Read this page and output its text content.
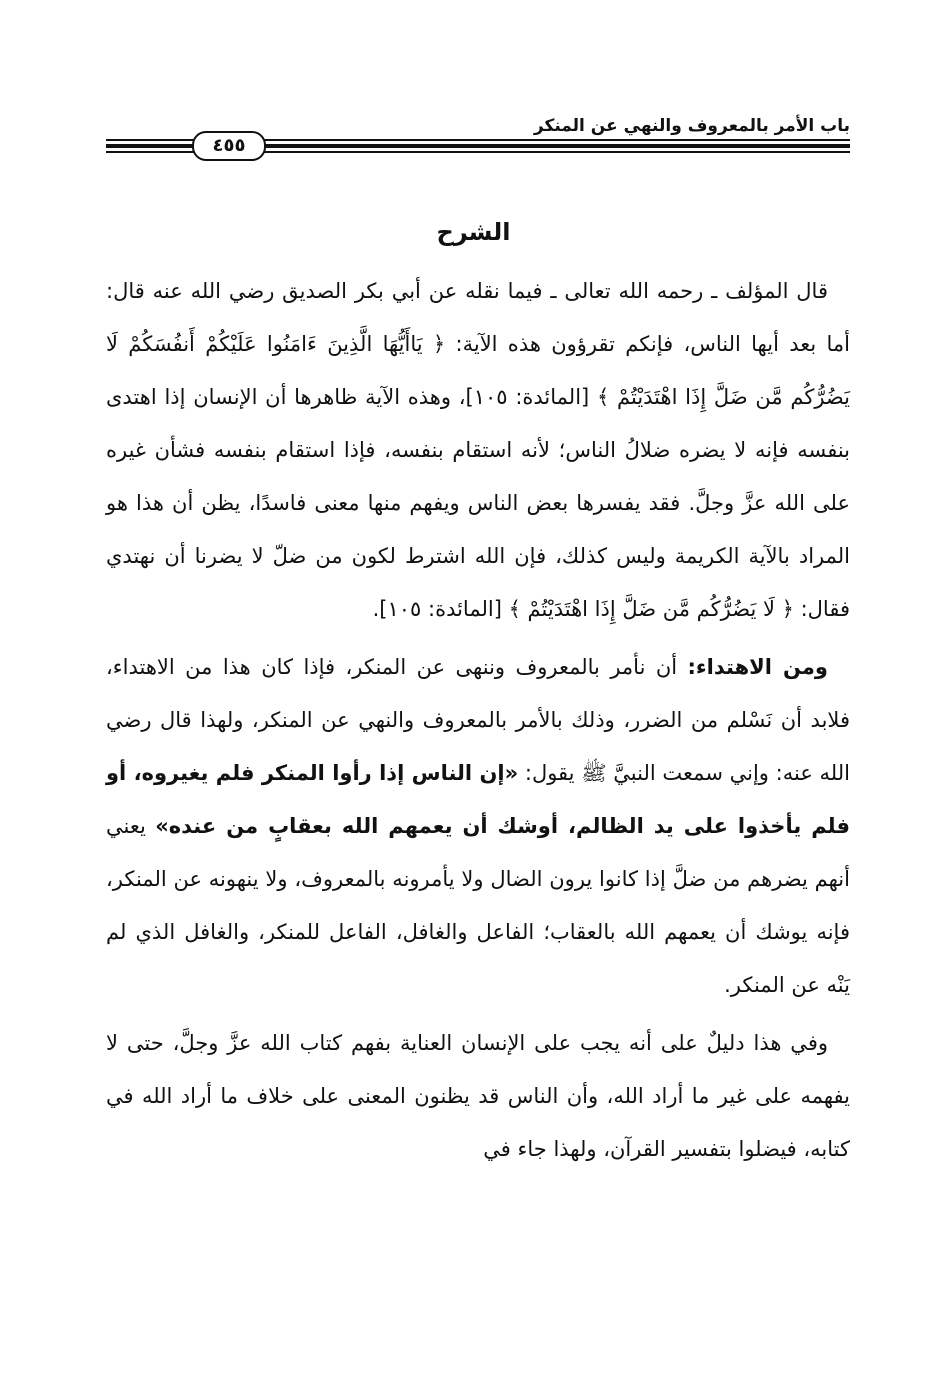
باب الأمر بالمعروف والنهي عن المنكر
٤٥٥
الشرح

قال المؤلف ـ رحمه الله تعالى ـ فيما نقله عن أبي بكر الصديق رضي الله عنه قال: أما بعد أيها الناس، فإنكم تقرؤون هذه الآية: ﴿ يَاأَيُّهَا الَّذِينَ ءَامَنُوا عَلَيْكُمْ أَنفُسَكُمْ لَا يَضُرُّكُم مَّن ضَلَّ إِذَا اهْتَدَيْتُمْ ﴾ [المائدة: ١٠٥]، وهذه الآية ظاهرها أن الإنسان إذا اهتدى بنفسه فإنه لا يضره ضلالُ الناس؛ لأنه استقام بنفسه، فإذا استقام بنفسه فشأن غيره على الله عزَّ وجلَّ. فقد يفسرها بعض الناس ويفهم منها معنى فاسدًا، يظن أن هذا هو المراد بالآية الكريمة وليس كذلك، فإن الله اشترط لكون من ضلّ لا يضرنا أن نهتدي فقال: ﴿ لَا يَضُرُّكُم مَّن ضَلَّ إِذَا اهْتَدَيْتُمْ ﴾ [المائدة: ١٠٥].

ومن الاهتداء: أن نأمر بالمعروف وننهى عن المنكر، فإذا كان هذا من الاهتداء، فلابد أن نَسْلم من الضرر، وذلك بالأمر بالمعروف والنهي عن المنكر، ولهذا قال رضي الله عنه: وإني سمعت النبيَّ ﷺ يقول: «إن الناس إذا رأوا المنكر فلم يغيروه، أو فلم يأخذوا على يد الظالم، أوشك أن يعمهم الله بعقابٍ من عنده» يعني أنهم يضرهم من ضلَّ إذا كانوا يرون الضال ولا يأمرونه بالمعروف، ولا ينهونه عن المنكر، فإنه يوشك أن يعمهم الله بالعقاب؛ الفاعل والغافل، الفاعل للمنكر، والغافل الذي لم يَنْه عن المنكر.

وفي هذا دليلٌ على أنه يجب على الإنسان العناية بفهم كتاب الله عزَّ وجلَّ، حتى لا يفهمه على غير ما أراد الله، وأن الناس قد يظنون المعنى على خلاف ما أراد الله في كتابه، فيضلوا بتفسير القرآن، ولهذا جاء في
